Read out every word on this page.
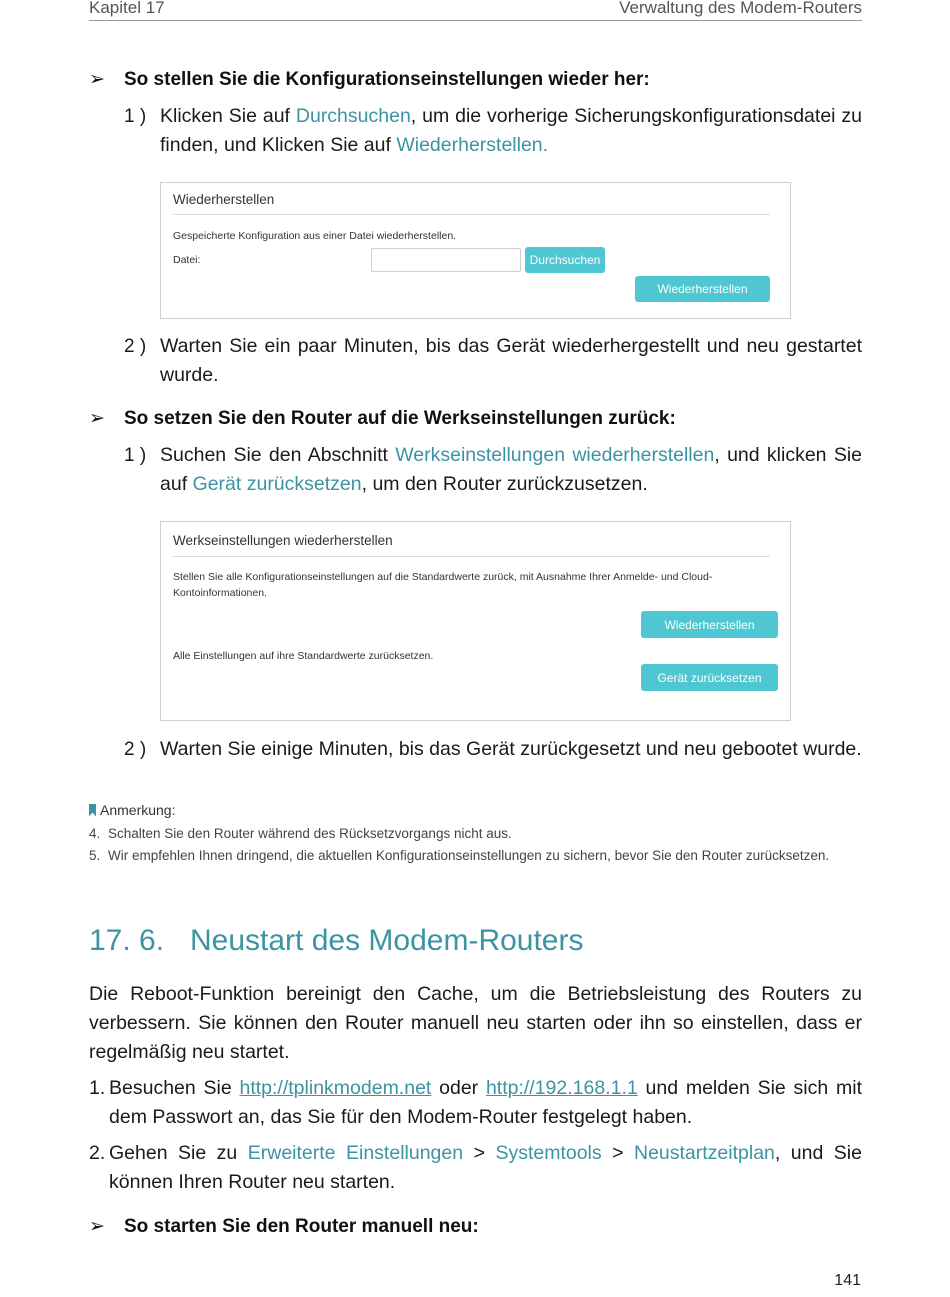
Kapitel 17	Verwaltung des Modem-Routers
➢ So stellen Sie die Konfigurationseinstellungen wieder her:
1 ) Klicken Sie auf Durchsuchen, um die vorherige Sicherungskonfigurationsdatei zu finden, und Klicken Sie auf Wiederherstellen.
Wiederherstellen
Gespeicherte Konfiguration aus einer Datei wiederherstellen.
Datei:	Durchsuchen
Wiederherstellen
2 ) Warten Sie ein paar Minuten, bis das Gerät wiederhergestellt und neu gestartet wurde.
➢ So setzen Sie den Router auf die Werkseinstellungen zurück:
1 ) Suchen Sie den Abschnitt Werkseinstellungen wiederherstellen, und klicken Sie auf Gerät zurücksetzen, um den Router zurückzusetzen.
Werkseinstellungen wiederherstellen
Stellen Sie alle Konfigurationseinstellungen auf die Standardwerte zurück, mit Ausnahme Ihrer Anmelde- und Cloud-Kontoinformationen.
Wiederherstellen
Alle Einstellungen auf ihre Standardwerte zurücksetzen.
Gerät zurücksetzen
2 ) Warten Sie einige Minuten, bis das Gerät zurückgesetzt und neu gebootet wurde.
Anmerkung:
4. Schalten Sie den Router während des Rücksetzvorgangs nicht aus.
5. Wir empfehlen Ihnen dringend, die aktuellen Konfigurationseinstellungen zu sichern, bevor Sie den Router zurücksetzen.
17. 6. Neustart des Modem-Routers
Die Reboot-Funktion bereinigt den Cache, um die Betriebsleistung des Routers zu verbessern. Sie können den Router manuell neu starten oder ihn so einstellen, dass er regelmäßig neu startet.
1. Besuchen Sie http://tplinkmodem.net oder http://192.168.1.1 und melden Sie sich mit dem Passwort an, das Sie für den Modem-Router festgelegt haben.
2. Gehen Sie zu Erweiterte Einstellungen > Systemtools > Neustartzeitplan, und Sie können Ihren Router neu starten.
➢ So starten Sie den Router manuell neu:
141
